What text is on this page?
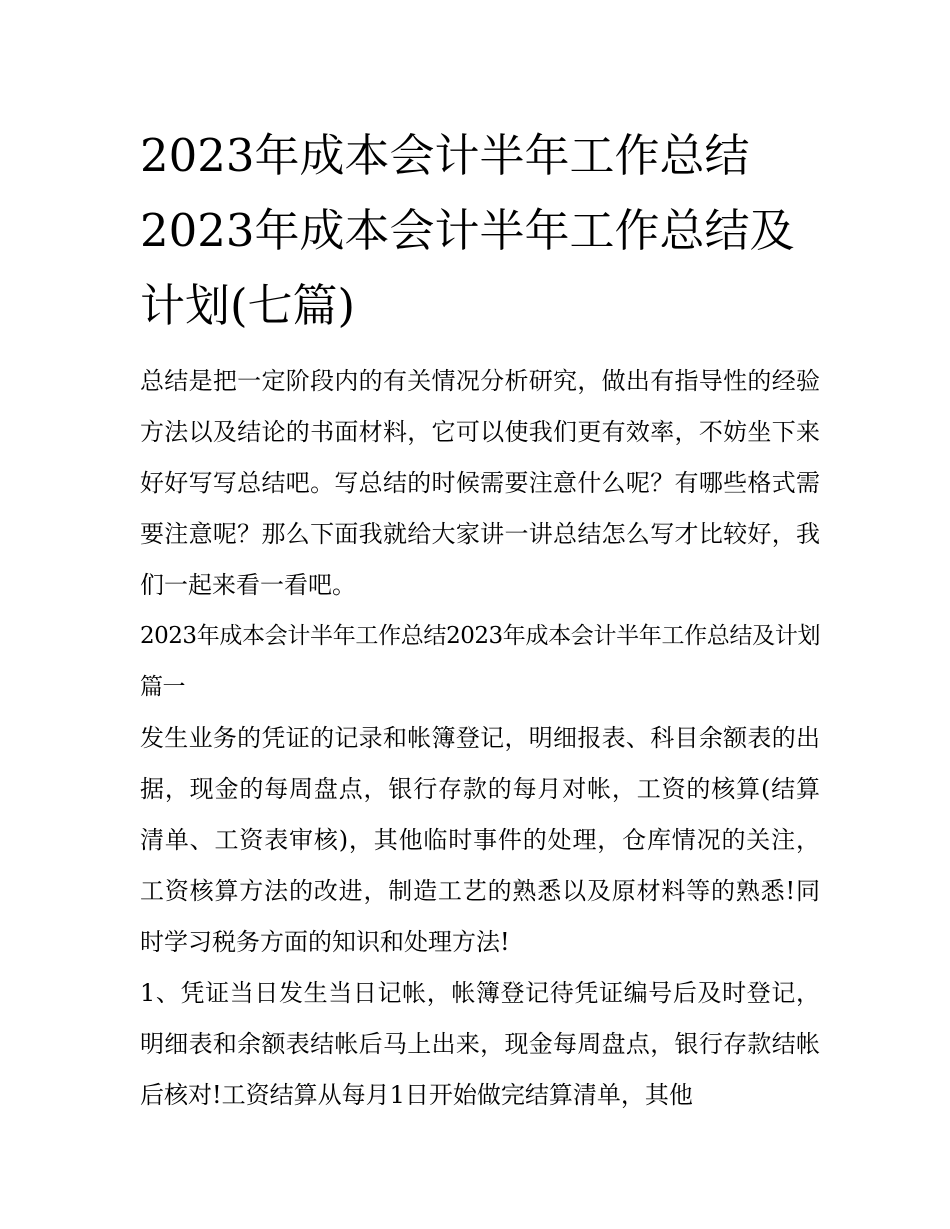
2023年成本会计半年工作总结2023年成本会计半年工作总结及计划(七篇)

总结是把一定阶段内的有关情况分析研究，做出有指导性的经验方法以及结论的书面材料，它可以使我们更有效率，不妨坐下来好好写写总结吧。写总结的时候需要注意什么呢？有哪些格式需要注意呢？那么下面我就给大家讲一讲总结怎么写才比较好，我们一起来看一看吧。

2023年成本会计半年工作总结2023年成本会计半年工作总结及计划篇一

发生业务的凭证的记录和帐簿登记，明细报表、科目余额表的出据，现金的每周盘点，银行存款的每月对帐，工资的核算(结算清单、工资表审核)，其他临时事件的处理，仓库情况的关注，工资核算方法的改进，制造工艺的熟悉以及原材料等的熟悉!同时学习税务方面的知识和处理方法!

1、凭证当日发生当日记帐，帐簿登记待凭证编号后及时登记，明细表和余额表结帐后马上出来，现金每周盘点，银行存款结帐后核对!工资结算从每月1日开始做完结算清单，其他
